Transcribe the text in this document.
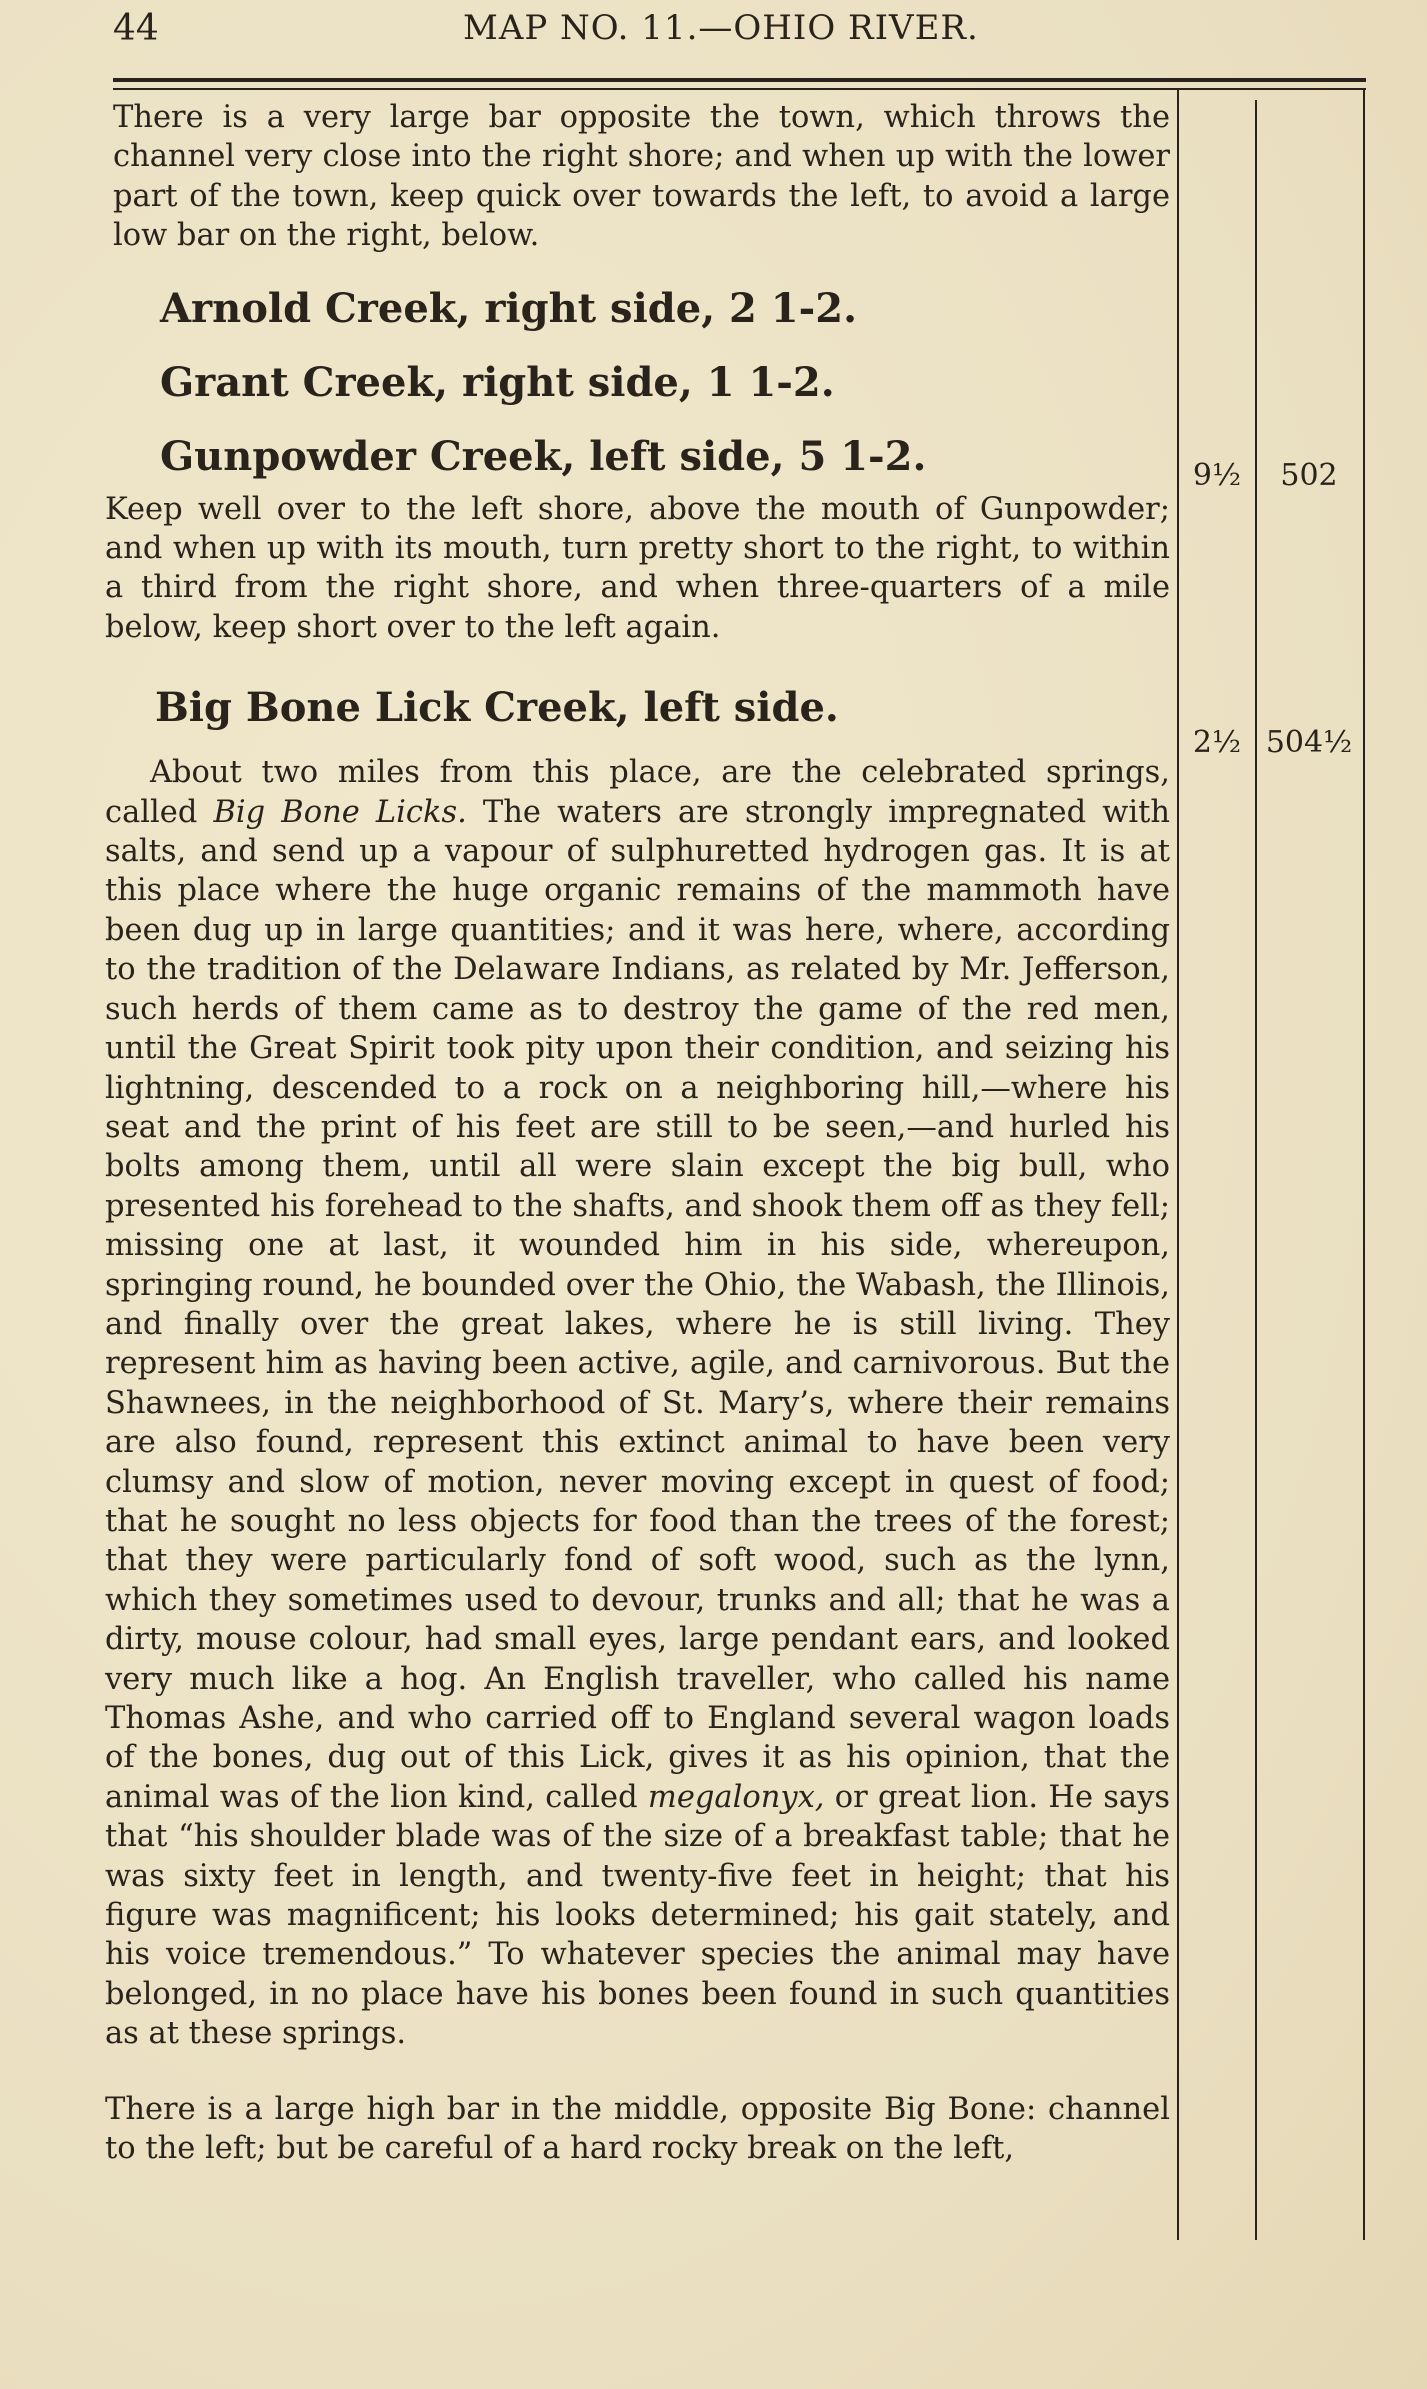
44	MAP NO. 11.—OHIO RIVER.

There is a very large bar opposite the town, which throws the channel very close into the right shore; and when up with the lower part of the town, keep quick over towards the left, to avoid a large low bar on the right, below.

Arnold Creek, right side, 2 1-2.
Grant Creek, right side, 1 1-2.
Gunpowder Creek, left side, 5 1-2.

Keep well over to the left shore, above the mouth of Gunpowder; and when up with its mouth, turn pretty short to the right, to within a third from the right shore, and when three-quarters of a mile below, keep short over to the left again.

Big Bone Lick Creek, left side.

About two miles from this place, are the celebrated springs, called Big Bone Licks. The waters are strongly impregnated with salts, and send up a vapour of sulphuretted hydrogen gas. It is at this place where the huge organic remains of the mammoth have been dug up in large quantities; and it was here, where, according to the tradition of the Delaware Indians, as related by Mr. Jefferson, such herds of them came as to destroy the game of the red men, until the Great Spirit took pity upon their condition, and seizing his lightning, descended to a rock on a neighboring hill,—where his seat and the print of his feet are still to be seen,—and hurled his bolts among them, until all were slain except the big bull, who presented his forehead to the shafts, and shook them off as they fell; missing one at last, it wounded him in his side, whereupon, springing round, he bounded over the Ohio, the Wabash, the Illinois, and finally over the great lakes, where he is still living. They represent him as having been active, agile, and carnivorous. But the Shawnees, in the neighborhood of St. Mary’s, where their remains are also found, represent this extinct animal to have been very clumsy and slow of motion, never moving except in quest of food; that he sought no less objects for food than the trees of the forest; that they were particularly fond of soft wood, such as the lynn, which they sometimes used to devour, trunks and all; that he was a dirty, mouse colour, had small eyes, large pendant ears, and looked very much like a hog. An English traveller, who called his name Thomas Ashe, and who carried off to England several wagon loads of the bones, dug out of this Lick, gives it as his opinion, that the animal was of the lion kind, called megalonyx, or great lion. He says that “his shoulder blade was of the size of a breakfast table; that he was sixty feet in length, and twenty-five feet in height; that his figure was magnificent; his looks determined; his gait stately, and his voice tremendous.” To whatever species the animal may have belonged, in no place have his bones been found in such quantities as at these springs.

There is a large high bar in the middle, opposite Big Bone: channel to the left; but be careful of a hard rocky break on the left,

9½	502
2½ 504½
